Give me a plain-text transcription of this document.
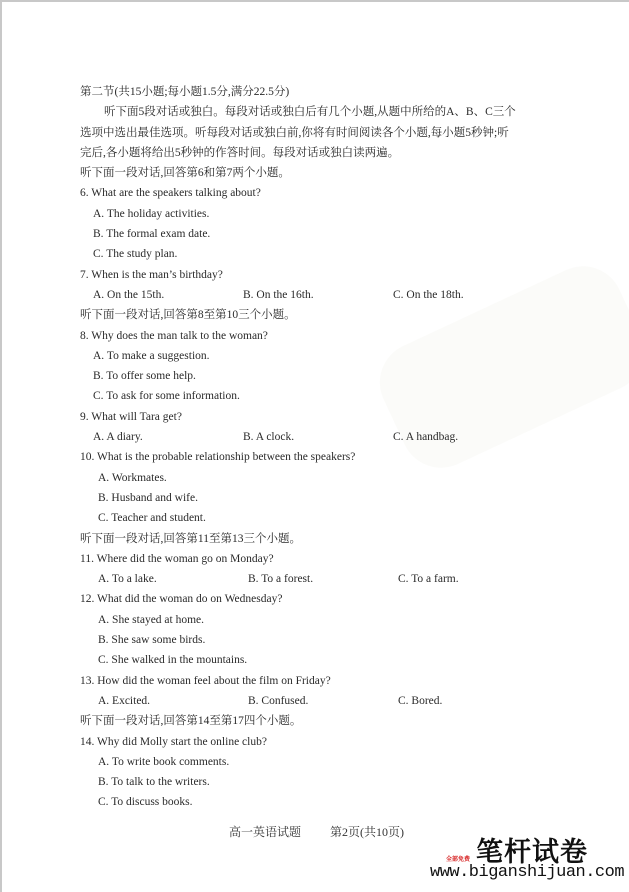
第二节(共15小题;每小题1.5分,满分22.5分)
听下面5段对话或独白。每段对话或独白后有几个小题,从题中所给的A、B、C三个
选项中选出最佳选项。听每段对话或独白前,你将有时间阅读各个小题,每小题5秒钟;听
完后,各小题将给出5秒钟的作答时间。每段对话或独白读两遍。
听下面一段对话,回答第6和第7两个小题。
6. What are the speakers talking about?
A. The holiday activities.
B. The formal exam date.
C. The study plan.
7. When is the man’s birthday?
A. On the 15th.	B. On the 16th.	C. On the 18th.
听下面一段对话,回答第8至第10三个小题。
8. Why does the man talk to the woman?
A. To make a suggestion.
B. To offer some help.
C. To ask for some information.
9. What will Tara get?
A. A diary.	B. A clock.	C. A handbag.
10. What is the probable relationship between the speakers?
A. Workmates.
B. Husband and wife.
C. Teacher and student.
听下面一段对话,回答第11至第13三个小题。
11. Where did the woman go on Monday?
A. To a lake.	B. To a forest.	C. To a farm.
12. What did the woman do on Wednesday?
A. She stayed at home.
B. She saw some birds.
C. She walked in the mountains.
13. How did the woman feel about the film on Friday?
A. Excited.	B. Confused.	C. Bored.
听下面一段对话,回答第14至第17四个小题。
14. Why did Molly start the online club?
A. To write book comments.
B. To talk to the writers.
C. To discuss books.
高一英语试题 第2页(共10页)
笔杆试卷
全部免费
www.biganshijuan.com
